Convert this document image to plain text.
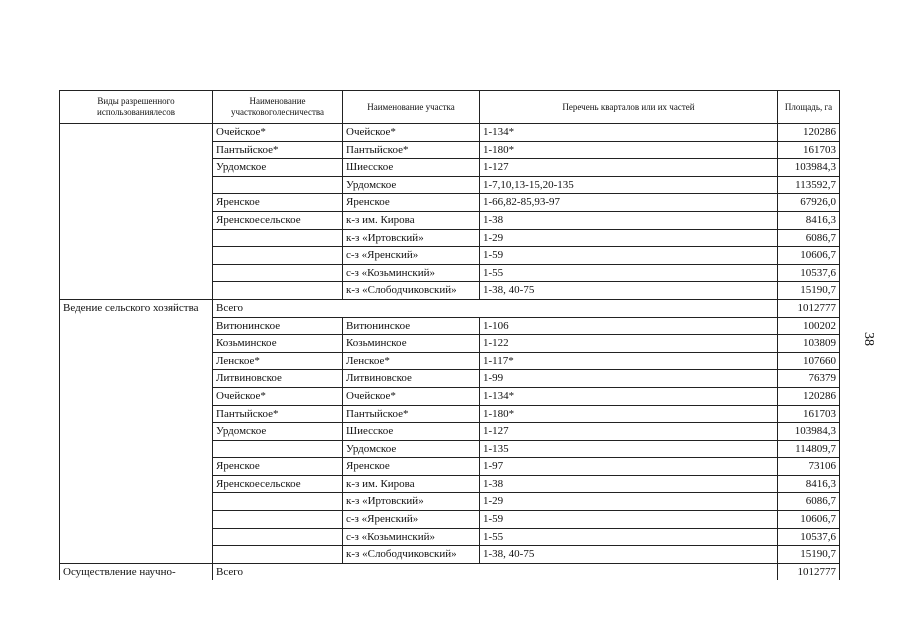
Виды разрешенного использованиялесов	Наименование участковоголесничества	Наименование участка	Перечень кварталов или их частей	Площадь, га
	Очейское*	Очейское*	1-134*	120286
	Пантыйское*	Пантыйское*	1-180*	161703
	Урдомское	Шиесское	1-127	103984,3
		Урдомское	1-7,10,13-15,20-135	113592,7
	Яренское	Яренское	1-66,82-85,93-97	67926,0
	Яренскоесельское	к-з им. Кирова	1-38	8416,3
		к-з «Иртовский»	1-29	6086,7
		с-з «Яренский»	1-59	10606,7
		с-з «Козьминский»	1-55	10537,6
		к-з «Слободчиковский»	1-38, 40-75	15190,7
Ведение сельского хозяйства	Всего			1012777
	Витюнинское	Витюнинское	1-106	100202
	Козьминское	Козьминское	1-122	103809
	Ленское*	Ленское*	1-117*	107660
	Литвиновское	Литвиновское	1-99	76379
	Очейское*	Очейское*	1-134*	120286
	Пантыйское*	Пантыйское*	1-180*	161703
	Урдомское	Шиесское	1-127	103984,3
		Урдомское	1-135	114809,7
	Яренское	Яренское	1-97	73106
	Яренскоесельское	к-з им. Кирова	1-38	8416,3
		к-з «Иртовский»	1-29	6086,7
		с-з «Яренский»	1-59	10606,7
		с-з «Козьминский»	1-55	10537,6
		к-з «Слободчиковский»	1-38, 40-75	15190,7
Осуществление научно-	Всего			1012777
38
